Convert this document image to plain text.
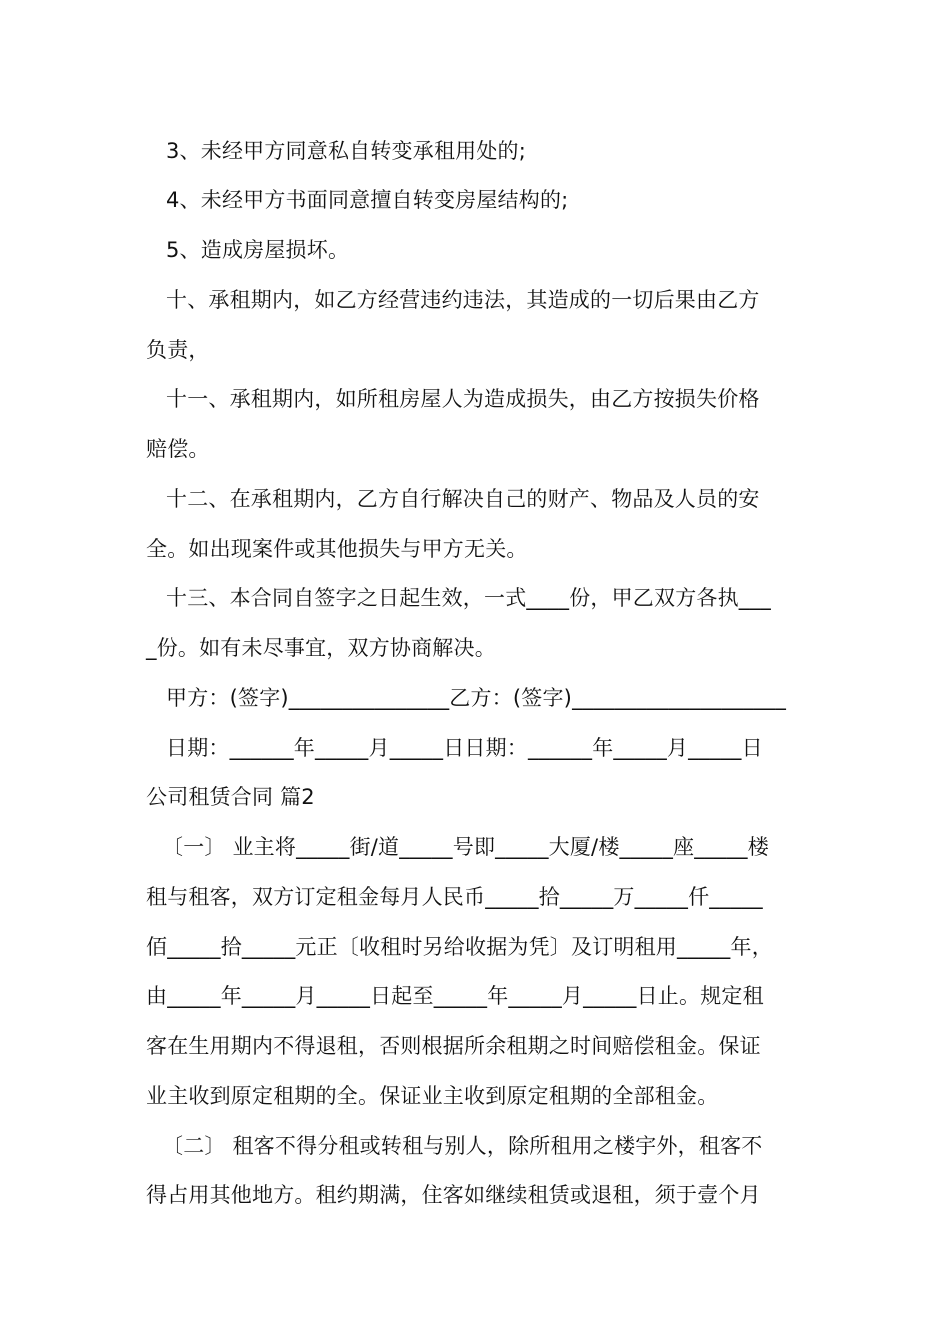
3、未经甲方同意私自转变承租用处的;
4、未经甲方书面同意擅自转变房屋结构的;
5、造成房屋损坏。
十、承租期内，如乙方经营违约违法，其造成的一切后果由乙方
负责，
十一、承租期内，如所租房屋人为造成损失，由乙方按损失价格
赔偿。
十二、在承租期内，乙方自行解决自己的财产、物品及人员的安
全。如出现案件或其他损失与甲方无关。
十三、本合同自签字之日起生效，一式____份，甲乙双方各执___
_份。如有未尽事宜，双方协商解决。
甲方：(签字)_______________乙方：(签字)____________________
日期：______年_____月_____日日期：______年_____月_____日
公司租赁合同 篇2
〔一〕 业主将_____街/道_____号即_____大厦/楼_____座_____楼
租与租客，双方订定租金每月人民币_____拾_____万_____仟_____
佰_____拾_____元正〔收租时另给收据为凭〕及订明租用_____年，
由_____年_____月_____日起至_____年_____月_____日止。规定租
客在生用期内不得退租，否则根据所余租期之时间赔偿租金。保证
业主收到原定租期的全。保证业主收到原定租期的全部租金。
〔二〕 租客不得分租或转租与别人，除所租用之楼宇外，租客不
得占用其他地方。租约期满，住客如继续租赁或退租，须于壹个月
